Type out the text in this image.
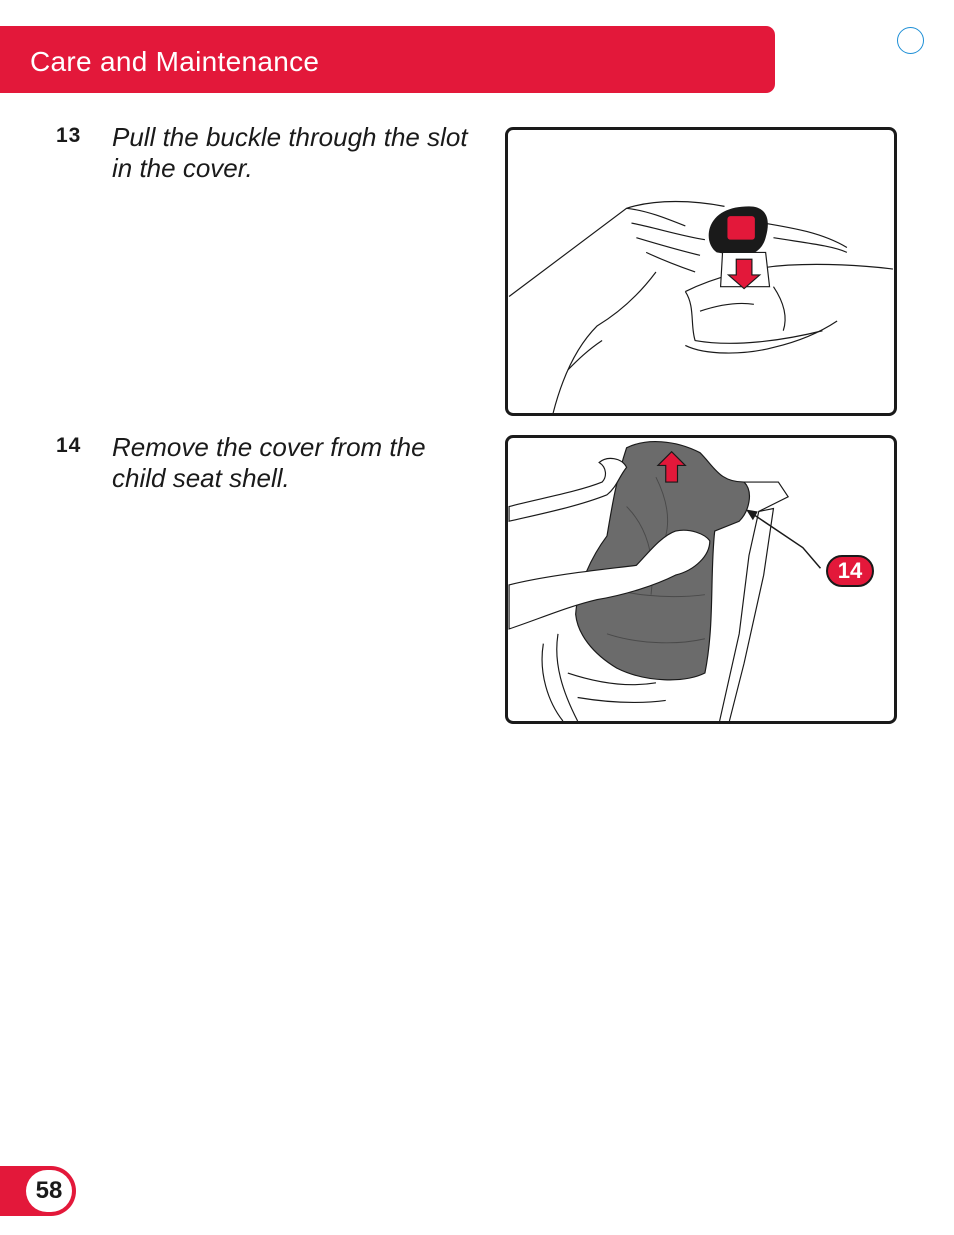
Care and Maintenance
13 Pull the buckle through the slot in the cover.
14 Remove the cover from the child seat shell.
14
58
